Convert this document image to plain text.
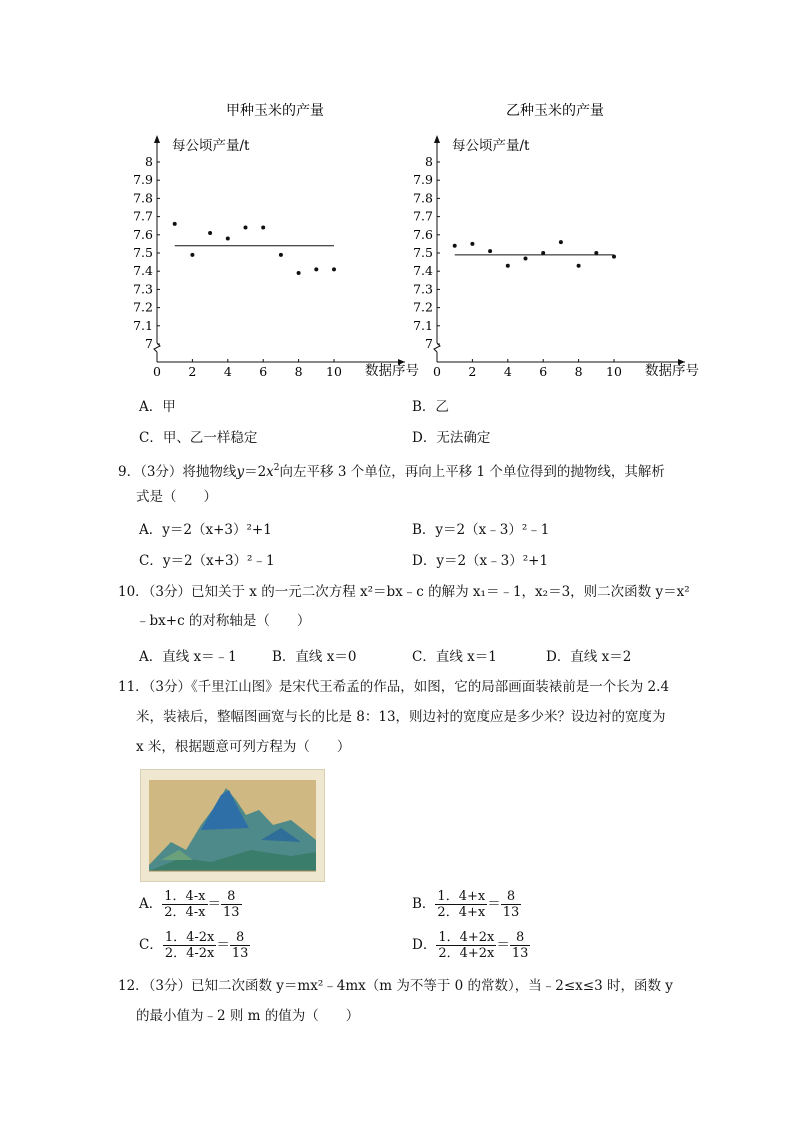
甲种玉米的产量
每公顷产量/t
数据序号
8
7.9
7.8
7.7
7.6
7.5
7.4
7.3
7.2
7.1
7
0 2 4 6 8 10
乙种玉米的产量
每公顷产量/t
数据序号
8
7.9
7.8
7.7
7.6
7.5
7.4
7.3
7.2
7.1
7
0 2 4 6 8 10
A．甲	B．乙
C．甲、乙一样稳定	D．无法确定
9．（3分）将抛物线$y=2x^2$向左平移 3 个单位，再向上平移 1 个单位得到的抛物线，其解析
式是（　　）
A．y＝2（x+3）²+1	B．y＝2（x﹣3）²﹣1
C．y＝2（x+3）²﹣1	D．y＝2（x﹣3）²+1
10．（3分）已知关于 x 的一元二次方程 x²＝bx﹣c 的解为 x₁＝﹣1，x₂＝3，则二次函数 y＝x²
﹣bx+c 的对称轴是（　　）
A．直线 x＝﹣1	B．直线 x＝0	C．直线 x＝1	D．直线 x＝2
11．（3分）《千里江山图》是宋代王希孟的作品，如图，它的局部画面装裱前是一个长为 2.4
米，装裱后，整幅图画宽与长的比是 8：13，则边衬的宽度应是多少米？设边衬的宽度为
x 米，根据题意可列方程为（　　）
A． $\frac{1.4-x}{2.4-x} = \frac{8}{13}$	B． $\frac{1.4+x}{2.4+x} = \frac{8}{13}$
C． $\frac{1.4-2x}{2.4-2x} = \frac{8}{13}$	D． $\frac{1.4+2x}{2.4+2x} = \frac{8}{13}$
12．（3分）已知二次函数 y＝mx²﹣4mx（m 为不等于 0 的常数），当﹣2≤x≤3 时，函数 y
的最小值为﹣2 则 m 的值为（　　）
